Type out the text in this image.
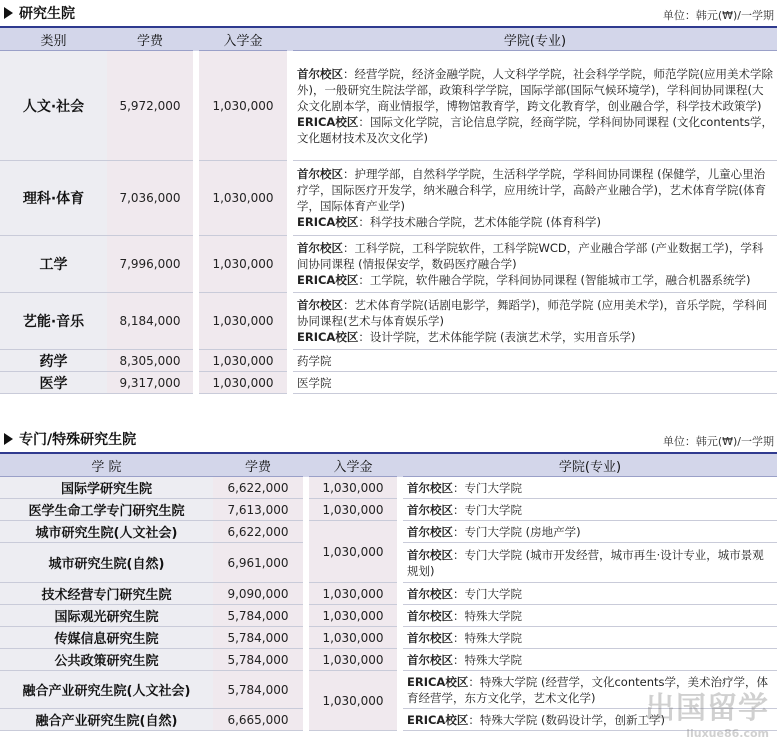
研究生院	单位：韩元(₩)/一学期
类别	学费		入学金		学院(专业)
人文·社会	5,972,000		1,030,000		首尔校区：经营学院，经济金融学院，人文科学学院，社会科学学院，师范学院(应用美术学除外)，一般研究生院法学部，政策科学学院，国际学部(国际气候环境学)，学科间协同课程(大众文化剧本学，商业情报学，博物馆教育学，跨文化教育学，创业融合学，科学技术政策学)
ERICA校区：国际文化学院，言论信息学院，经商学院，学科间协同课程 (文化contents学，文化题材技术及次文化学)

理科·体育	7,036,000		1,030,000		首尔校区：护理学部，自然科学学院，生活科学学院，学科间协同课程 (保健学，儿童心里治疗学，国际医疗开发学，纳米融合科学，应用统计学，高龄产业融合学)，艺术体育学院(体育学，国际体育产业学)
ERICA校区：科学技术融合学院，艺术体能学院 (体育科学)

工学	7,996,000		1,030,000		首尔校区：工科学院，工科学院软件，工科学院WCD，产业融合学部 (产业数据工学)，学科间协同课程 (情报保安学，数码医疗融合学)
ERICA校区：工学院，软件融合学院，学科间协同课程 (智能城市工学，融合机器系统学)

艺能·音乐	8,184,000		1,030,000		首尔校区：艺术体育学院(话剧电影学，舞蹈学)，师范学院 (应用美术学)，音乐学院，学科间协同课程(艺术与体育娱乐学)
ERICA校区：设计学院，艺术体能学院 (表演艺术学，实用音乐学)

药学	8,305,000		1,030,000		药学院
医学	9,317,000		1,030,000		医学院
专门/特殊研究生院	单位：韩元(₩)/一学期
学 院	学费		入学金		学院(专业)
国际学研究生院	6,622,000		1,030,000		首尔校区：专门大学院
医学生命工学专门研究生院	7,613,000		1,030,000		首尔校区：专门大学院
城市研究生院(人文社会)	6,622,000		1,030,000		首尔校区：专门大学院 (房地产学)
城市研究生院(自然)	6,961,000				首尔校区：专门大学院 (城市开发经营，城市再生·设计专业，城市景观规划)
技术经营专门研究生院	9,090,000		1,030,000		首尔校区：专门大学院
国际观光研究生院	5,784,000		1,030,000		首尔校区：特殊大学院
传媒信息研究生院	5,784,000		1,030,000		首尔校区：特殊大学院
公共政策研究生院	5,784,000		1,030,000		首尔校区：特殊大学院
融合产业研究生院(人文社会)	5,784,000		1,030,000		ERICA校区：特殊大学院 (经营学，文化contents学，美术治疗学，体育经营学，东方文化学，艺术文化学)
融合产业研究生院(自然)	6,665,000				ERICA校区：特殊大学院 (数码设计学，创新工学)
出国留学
liuxue86.com
